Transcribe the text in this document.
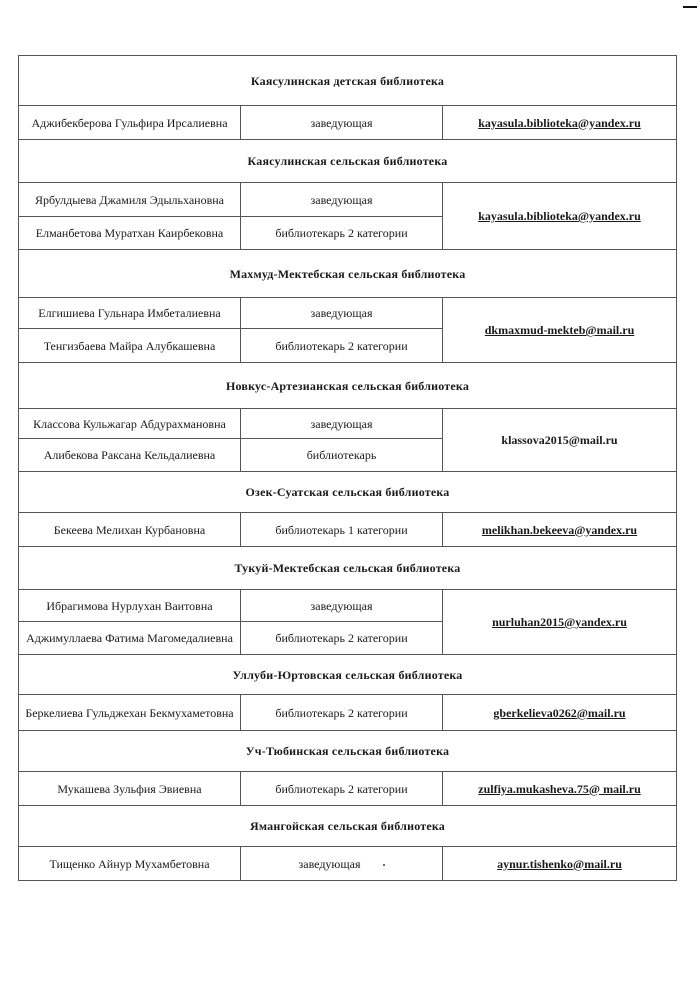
Каясулинская детская библиотека		
Аджибекберова Гульфира Ирсалиевна	заведующая	kayasula.biblioteka@yandex.ru
Каясулинская сельская библиотека		
Ярбулдыева Джамиля Эдыльхановна	заведующая	kayasula.biblioteka@yandex.ru
Елманбетова Муратхан Каирбековна	библиотекарь 2 категории	
Махмуд-Мектебская сельская библиотека		
Елгишиева Гульнара Имбеталиевна	заведующая	dkmaxmud-mekteb@mail.ru
Тенгизбаева Майра Алубкашевна	библиотекарь 2 категории	
Новкус-Артезианская сельская библиотека		
Классова Кульжагар Абдурахмановна	заведующая	klassova2015@mail.ru
Алибекова Раксана Кельдалиевна	библиотекарь	
Озек-Суатская сельская библиотека		
Бекеева Мелихан Курбановна	библиотекарь 1 категории	melikhan.bekeeva@yandex.ru
Тукуй-Мектебская сельская библиотека		
Ибрагимова Нурлухан Ваитовна	заведующая	nurluhan2015@yandex.ru
Аджимуллаева Фатима Магомедалиевна	библиотекарь 2 категории	
Уллуби-Юртовская сельская библиотека		
Беркелиева Гульджехан Бекмухаметовна	библиотекарь 2 категории	gberkelieva0262@mail.ru
Уч-Тюбинская сельская библиотека		
Мукашева Зульфия Эвиевна	библиотекарь 2 категории	zulfiya.mukasheva.75@ mail.ru
Ямангойская сельская библиотека		
Тищенко Айнур Мухамбетовна	заведующая	aynur.tishenko@mail.ru
